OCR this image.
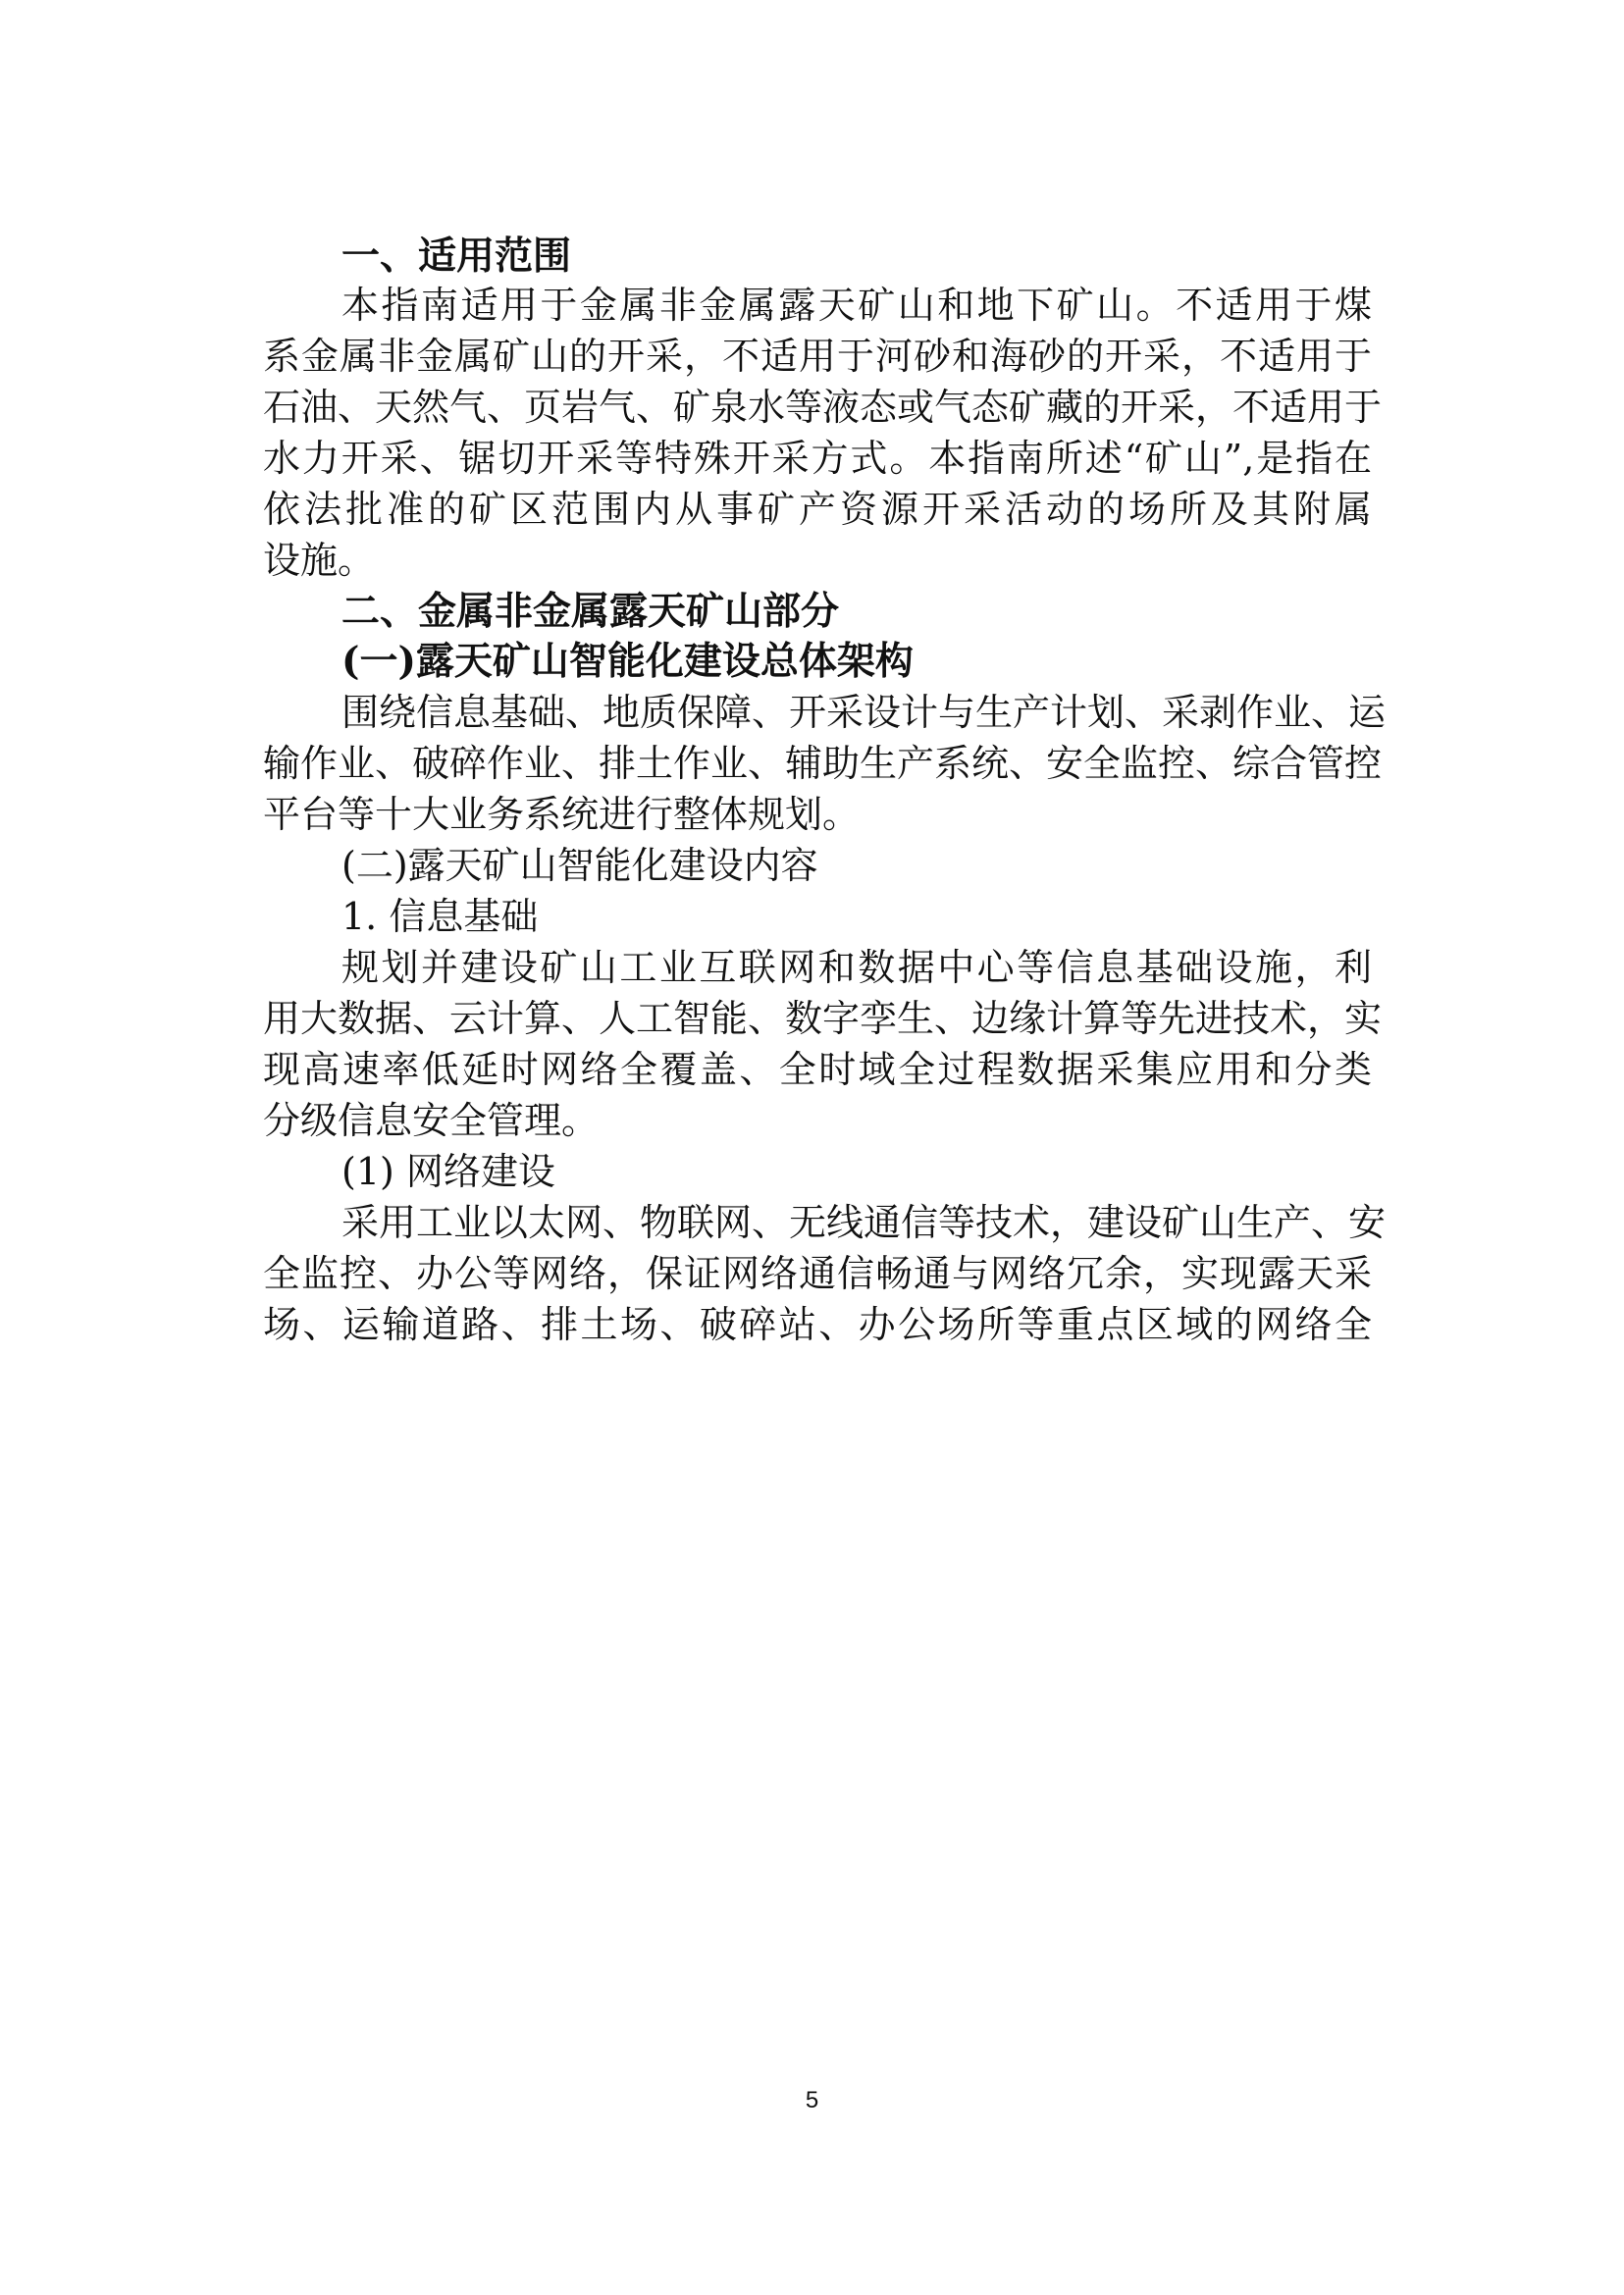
一、适用范围
本指南适用于金属非金属露天矿山和地下矿山。不适用于煤
系金属非金属矿山的开采，不适用于河砂和海砂的开采，不适用于
石油、天然气、页岩气、矿泉水等液态或气态矿藏的开采，不适用于
水力开采、锯切开采等特殊开采方式。本指南所述“矿山”,是指在
依法批准的矿区范围内从事矿产资源开采活动的场所及其附属
设施。
二、金属非金属露天矿山部分
(一)露天矿山智能化建设总体架构
围绕信息基础、地质保障、开采设计与生产计划、采剥作业、运
输作业、破碎作业、排土作业、辅助生产系统、安全监控、综合管控
平台等十大业务系统进行整体规划。
(二)露天矿山智能化建设内容
1. 信息基础
规划并建设矿山工业互联网和数据中心等信息基础设施，利
用大数据、云计算、人工智能、数字孪生、边缘计算等先进技术，实
现高速率低延时网络全覆盖、全时域全过程数据采集应用和分类
分级信息安全管理。
(1) 网络建设
采用工业以太网、物联网、无线通信等技术，建设矿山生产、安
全监控、办公等网络，保证网络通信畅通与网络冗余，实现露天采
场、运输道路、排土场、破碎站、办公场所等重点区域的网络全
5
